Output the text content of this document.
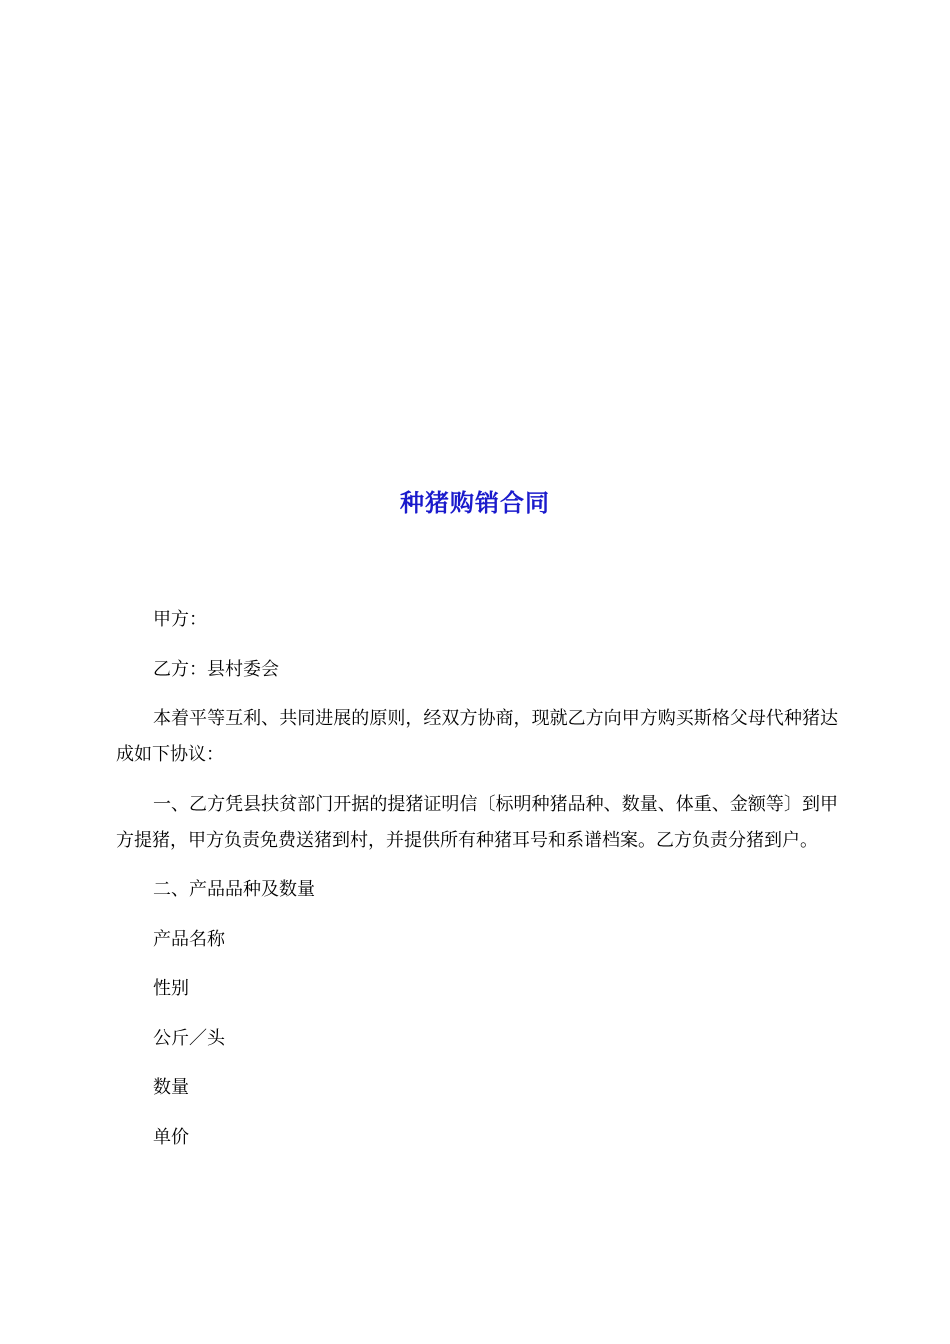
种猪购销合同

甲方：

乙方：县村委会

本着平等互利、共同进展的原则，经双方协商，现就乙方向甲方购买斯格父母代种猪达成如下协议：

一、乙方凭县扶贫部门开据的提猪证明信〔标明种猪品种、数量、体重、金额等〕到甲方提猪，甲方负责免费送猪到村，并提供所有种猪耳号和系谱档案。乙方负责分猪到户。

二、产品品种及数量

产品名称

性别

公斤／头

数量

单价
